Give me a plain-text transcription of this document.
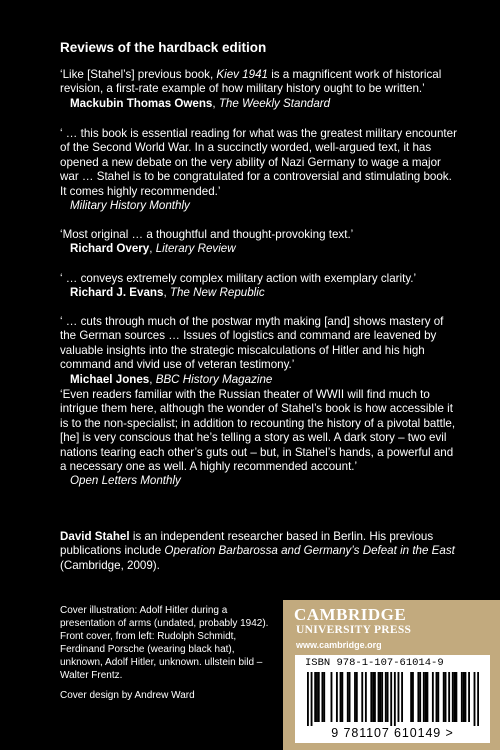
Reviews of the hardback edition

‘Like [Stahel’s] previous book, Kiev 1941 is a magnificent work of historical revision, a first-rate example of how military history ought to be written.’

Mackubin Thomas Owens, The Weekly Standard

‘ … this book is essential reading for what was the greatest military encounter of the Second World War. In a succinctly worded, well-argued text, it has opened a new debate on the very ability of Nazi Germany to wage a major war … Stahel is to be congratulated for a controversial and stimulating book. It comes highly recommended.’

Military History Monthly

‘Most original … a thoughtful and thought-provoking text.’

Richard Overy, Literary Review

‘ … conveys extremely complex military action with exemplary clarity.’

Richard J. Evans, The New Republic

‘ … cuts through much of the postwar myth making [and] shows mastery of the German sources … Issues of logistics and command are leavened by valuable insights into the strategic miscalculations of Hitler and his high command and vivid use of veteran testimony.’

Michael Jones, BBC History Magazine

‘Even readers familiar with the Russian theater of WWII will find much to intrigue them here, although the wonder of Stahel’s book is how accessible it is to the non-specialist; in addition to recounting the history of a pivotal battle, [he] is very conscious that he’s telling a story as well. A dark story – two evil nations tearing each other’s guts out – but, in Stahel’s hands, a powerful and a necessary one as well. A highly recommended account.’

Open Letters Monthly

David Stahel is an independent researcher based in Berlin. His previous publications include Operation Barbarossa and Germany’s Defeat in the East (Cambridge, 2009).

Cover illustration: Adolf Hitler during a presentation of arms (undated, probably 1942). Front cover, from left: Rudolph Schmidt, Ferdinand Porsche (wearing black hat), unknown, Adolf Hitler, unknown. ullstein bild – Walter Frentz.

Cover design by Andrew Ward
CAMBRIDGE
UNIVERSITY PRESS
www.cambridge.org
ISBN 978-1-107-61014-9
9 781107 610149 >
